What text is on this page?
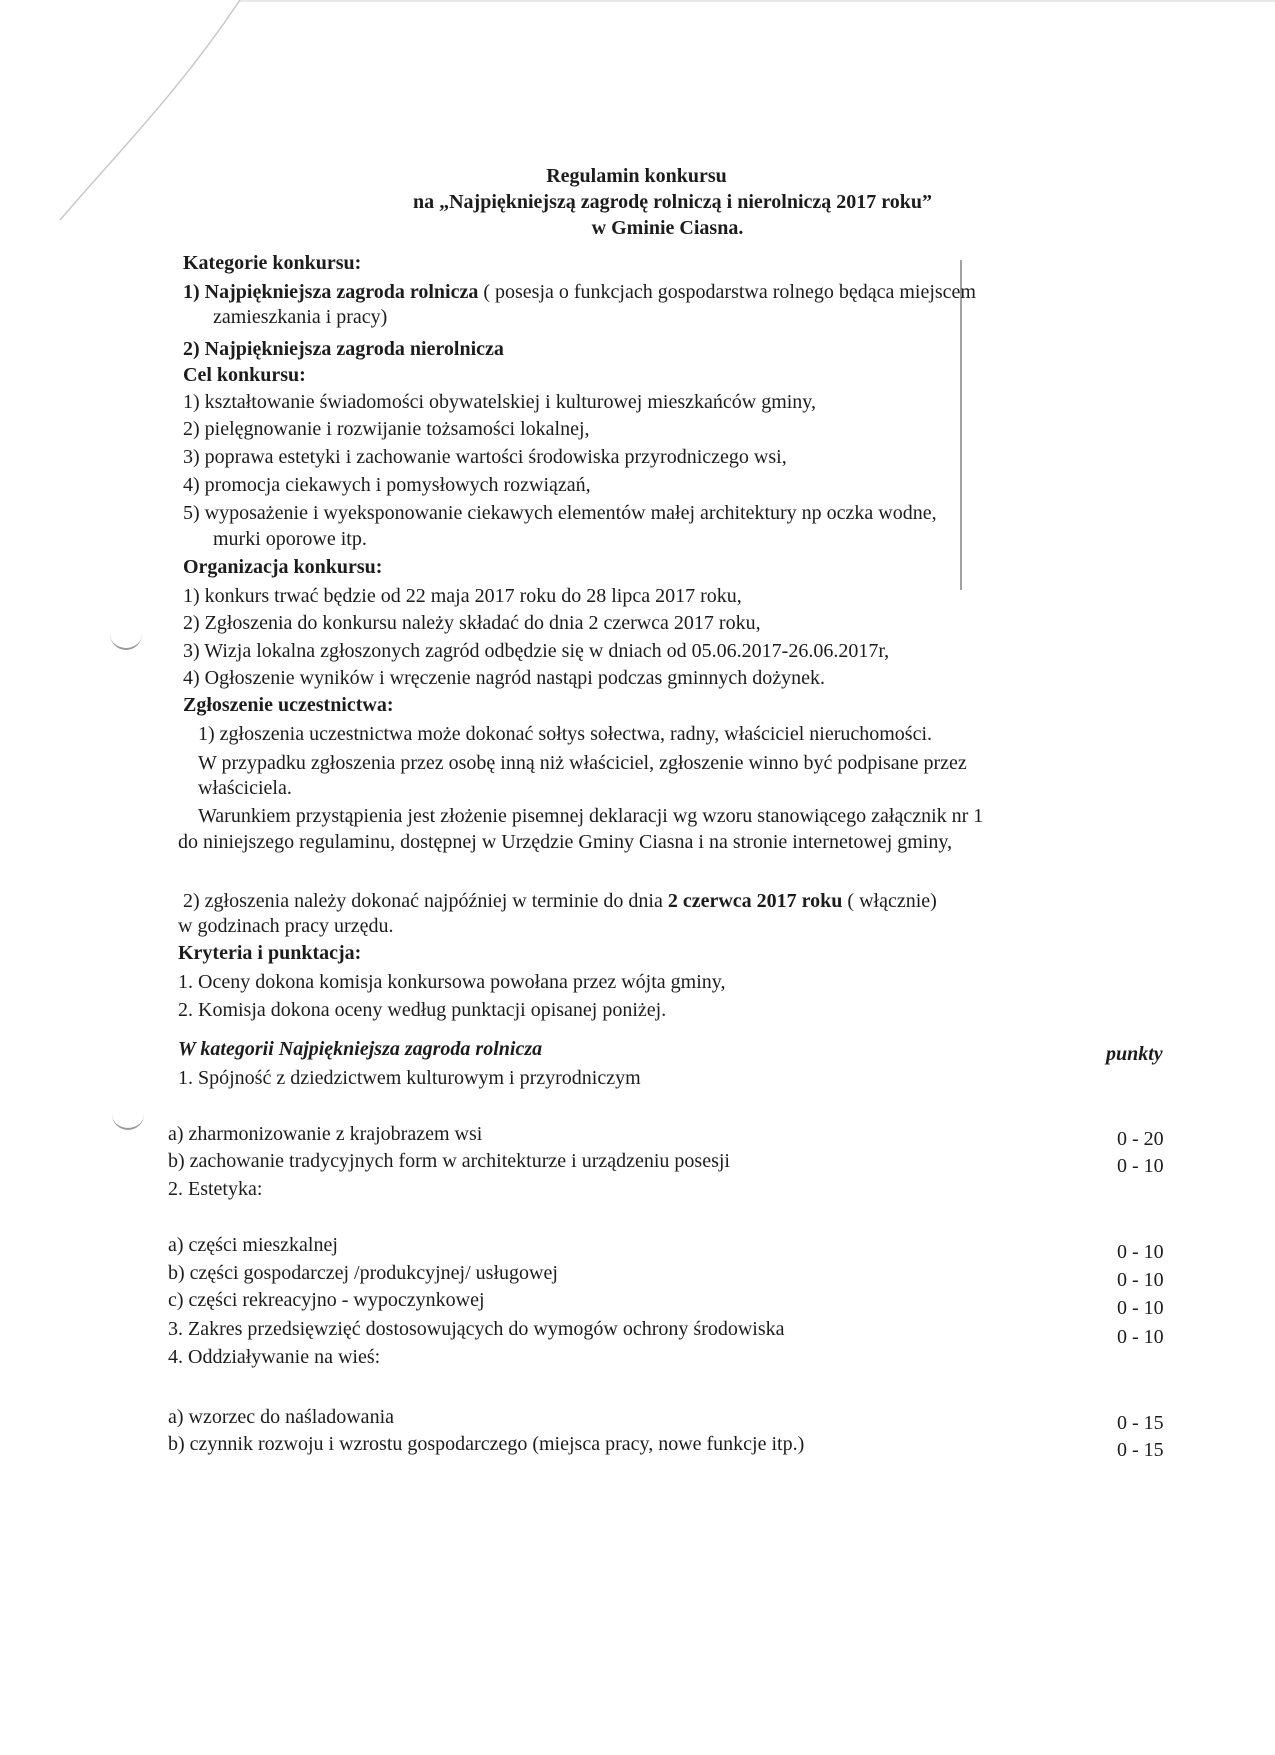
Regulamin konkursu
na „Najpiękniejszą zagrodę rolniczą i nierolniczą 2017 roku”
w Gminie Ciasna.
Kategorie konkursu:
1) Najpiękniejsza zagroda rolnicza ( posesja o funkcjach gospodarstwa rolnego będąca miejscem
zamieszkania i pracy)
2) Najpiękniejsza zagroda nierolnicza
Cel konkursu:
1) kształtowanie świadomości obywatelskiej i kulturowej mieszkańców gminy,
2) pielęgnowanie i rozwijanie tożsamości lokalnej,
3) poprawa estetyki i zachowanie wartości środowiska przyrodniczego wsi,
4) promocja ciekawych i pomysłowych rozwiązań,
5) wyposażenie i wyeksponowanie ciekawych elementów małej architektury np oczka wodne,
murki oporowe itp.
Organizacja konkursu:
1) konkurs trwać będzie od 22 maja 2017 roku do 28 lipca 2017 roku,
2) Zgłoszenia do konkursu należy składać do dnia 2 czerwca 2017 roku,
3) Wizja lokalna zgłoszonych zagród odbędzie się w dniach od 05.06.2017-26.06.2017r,
4) Ogłoszenie wyników i wręczenie nagród nastąpi podczas gminnych dożynek.
Zgłoszenie uczestnictwa:
1) zgłoszenia uczestnictwa może dokonać sołtys sołectwa, radny, właściciel nieruchomości.
W przypadku zgłoszenia przez osobę inną niż właściciel, zgłoszenie winno być podpisane przez
właściciela.
Warunkiem przystąpienia jest złożenie pisemnej deklaracji wg wzoru stanowiącego załącznik nr 1
do niniejszego regulaminu, dostępnej w Urzędzie Gminy Ciasna i na stronie internetowej gminy,
2) zgłoszenia należy dokonać najpóźniej w terminie do dnia 2 czerwca 2017 roku ( włącznie)
w godzinach pracy urzędu.
Kryteria i punktacja:
1. Oceny dokona komisja konkursowa powołana przez wójta gminy,
2. Komisja dokona oceny według punktacji opisanej poniżej.
W kategorii Najpiękniejsza zagroda rolnicza	punkty
1. Spójność z dziedzictwem kulturowym i przyrodniczym
a) zharmonizowanie z krajobrazem wsi	0 - 20
b) zachowanie tradycyjnych form w architekturze i urządzeniu posesji	0 - 10
2. Estetyka:
a) części mieszkalnej	0 - 10
b) części gospodarczej /produkcyjnej/ usługowej	0 - 10
c) części rekreacyjno - wypoczynkowej	0 - 10
3. Zakres przedsięwzięć dostosowujących do wymogów ochrony środowiska	0 - 10
4. Oddziaływanie na wieś:
a) wzorzec do naśladowania	0 - 15
b) czynnik rozwoju i wzrostu gospodarczego (miejsca pracy, nowe funkcje itp.)	0 - 15
